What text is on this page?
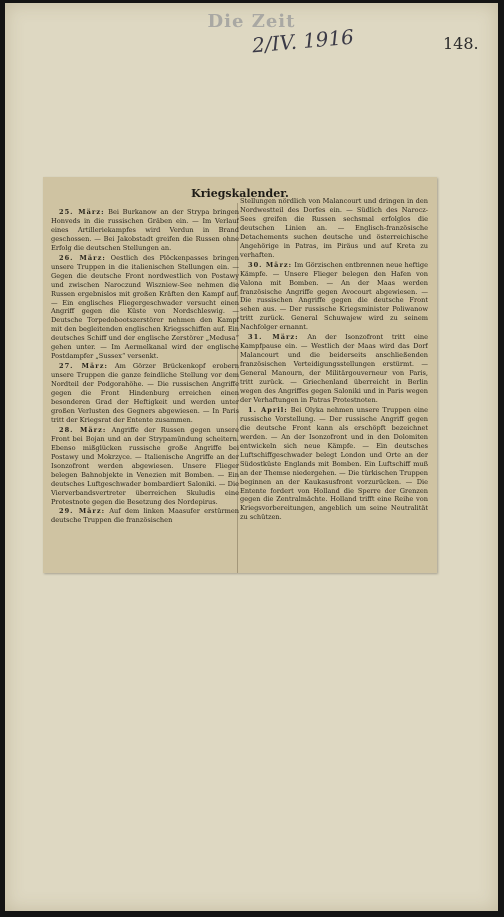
Die Zeit
2/IV. 1916	148.
Kriegskalender.

25. März: Bei Burkanow an der Strypa bringen Honveds in die russischen Gräben ein. — Im Verlauf eines Artilleriekampfes wird Verdun in Brand geschossen. — Bei Jakobstadt greifen die Russen ohne Erfolg die deutschen Stellungen an.

26. März: Oestlich des Plöckenpasses bringen unsere Truppen in die italienischen Stellungen ein. — Gegen die deutsche Front nordwestlich von Postawy und zwischen Naroczund Wiszniew-See nehmen die Russen ergebnislos mit großen Kräften den Kampf auf. — Ein englisches Fliegergeschwader versucht einen Angriff gegen die Küste von Nordschleswig. — Deutsche Torpedobootszerstörer nehmen den Kampf mit den begleitenden englischen Kriegsschiffen auf. Ein deutsches Schiff und der englische Zerstörer „Medusa“ gehen unter. — Im Aermelkanal wird der englische Postdampfer „Sussex“ versenkt.

27. März: Am Görzer Brückenkopf erobern unsere Truppen die ganze feindliche Stellung vor dem Nordteil der Podgorahöhe. — Die russischen Angriffe gegen die Front Hindenburg erreichen einen besonderen Grad der Heftigkeit und werden unter großen Verlusten des Gegners abgewiesen. — In Paris tritt der Kriegsrat der Entente zusammen.

28. März: Angriffe der Russen gegen unsere Front bei Bojan und an der Strypamündung scheitern. Ebenso mißglücken russische große Angriffe bei Postawy und Mokrzyce. — Italienische Angriffe an der Isonzofront werden abgewiesen. Unsere Flieger belegen Bahnobjekte in Venezien mit Bomben. — Ein deutsches Luftgeschwader bombardiert Saloniki. — Die Vierverbandsvertreter überreichen Skuludis eine Protestnote gegen die Besetzung des Nordepirus.

29. März: Auf dem linken Maasufer erstürmen deutsche Truppen die französischen

Stellungen nördlich von Malancourt und dringen in den Nordwestteil des Dorfes ein. — Südlich des Narocz-Sees greifen die Russen sechsmal erfolglos die deutschen Linien an. — Englisch-französische Detachements suchen deutsche und österreichische Angehörige in Patras, im Piräus und auf Kreta zu verhaften.

30. März: Im Görzischen entbrennen neue heftige Kämpfe. — Unsere Flieger belegen den Hafen von Valona mit Bomben. — An der Maas werden französische Angriffe gegen Avocourt abgewiesen. — Die russischen Angriffe gegen die deutsche Front sehen aus. — Der russische Kriegsminister Poliwanow tritt zurück. General Schuwajew wird zu seinem Nachfolger ernannt.

31. März: An der Isonzofront tritt eine Kampfpause ein. — Westlich der Maas wird das Dorf Malancourt und die beiderseits anschließenden französischen Verteidigungsstellungen erstürmt. — General Manourn, der Militärgouverneur von Paris, tritt zurück. — Griechenland überreicht in Berlin wegen des Angriffes gegen Saloniki und in Paris wegen der Verhaftungen in Patras Protestnoten.

1. April: Bei Olyka nehmen unsere Truppen eine russische Vorstellung. — Der russische Angriff gegen die deutsche Front kann als erschöpft bezeichnet werden. — An der Isonzofront und in den Dolomiten entwickeln sich neue Kämpfe. — Ein deutsches Luftschiffgeschwader belegt London und Orte an der Südostküste Englands mit Bomben. Ein Luftschiff muß an der Themse niedergehen. — Die türkischen Truppen beginnen an der Kaukasusfront vorzurücken. — Die Entente fordert von Holland die Sperre der Grenzen gegen die Zentralmächte. Holland trifft eine Reihe von Kriegsvorbereitungen, angeblich um seine Neutralität zu schützen.
